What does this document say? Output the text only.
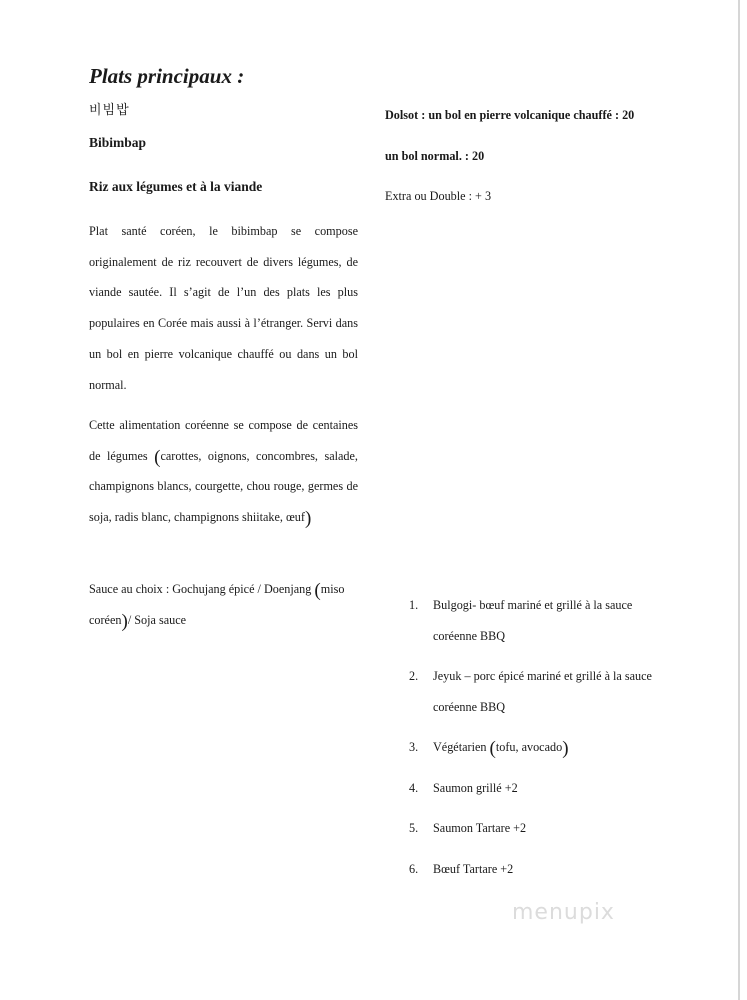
Plats principaux :
비빔밥
Bibimbap
Riz aux légumes et à la viande

Plat santé coréen, le bibimbap se compose originalement de riz recouvert de divers légumes, de viande sautée. Il s’agit de l’un des plats les plus populaires en Corée mais aussi à l’étranger. Servi dans un bol en pierre volcanique chauffé ou dans un bol normal.

Cette alimentation coréenne se compose de centaines de légumes (carottes, oignons, concombres, salade, champignons blancs, courgette, chou rouge, germes de soja, radis blanc, champignons shiitake, œuf)

Sauce au choix : Gochujang épicé / Doenjang (miso coréen)/ Soja sauce

Dolsot : un bol en pierre volcanique chauffé : 20
un bol normal. : 20
Extra ou Double : + 3
1. Bulgogi- bœuf mariné et grillé à la sauce coréenne BBQ
2. Jeyuk – porc épicé mariné et grillé à la sauce coréenne BBQ
3. Végétarien (tofu, avocado)
4. Saumon grillé +2
5. Saumon Tartare +2
6. Bœuf Tartare +2
menupix
